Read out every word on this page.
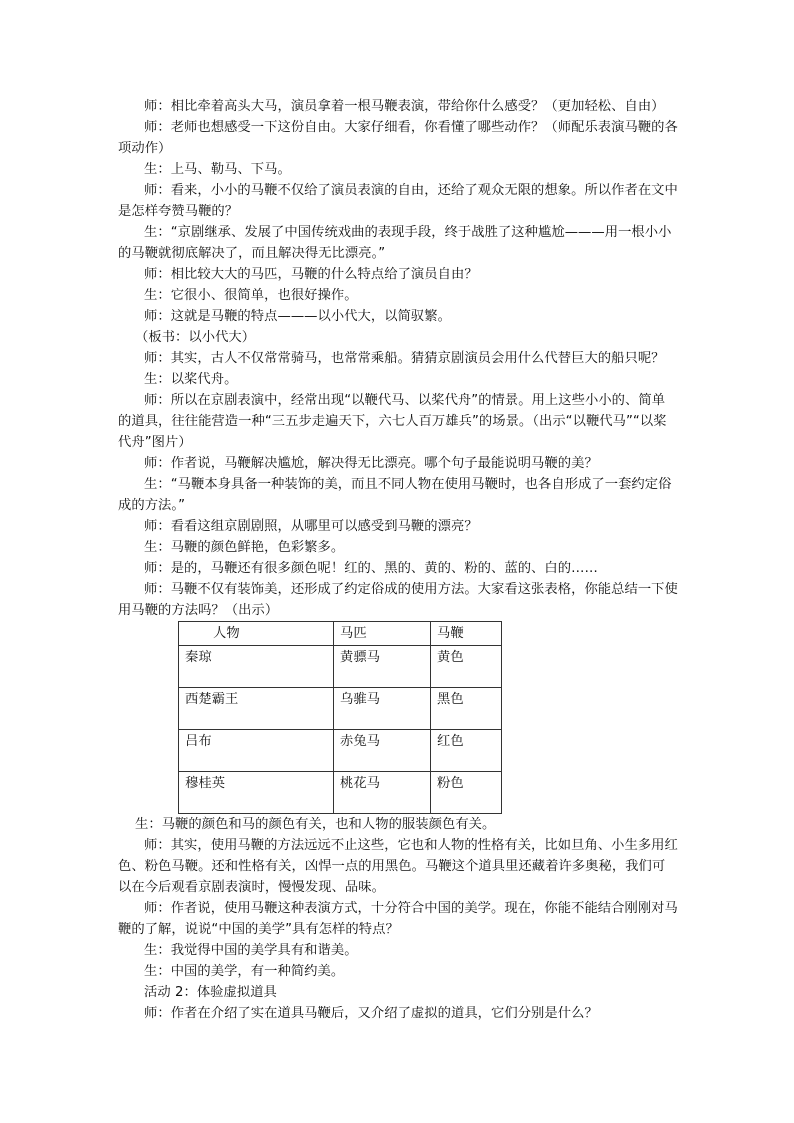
师：相比牵着高头大马，演员拿着一根马鞭表演，带给你什么感受？（更加轻松、自由）

师：老师也想感受一下这份自由。大家仔细看，你看懂了哪些动作？（师配乐表演马鞭的各项动作）

生：上马、勒马、下马。

师：看来，小小的马鞭不仅给了演员表演的自由，还给了观众无限的想象。所以作者在文中是怎样夸赞马鞭的？

生：“京剧继承、发展了中国传统戏曲的表现手段，终于战胜了这种尴尬———用一根小小的马鞭就彻底解决了，而且解决得无比漂亮。”

师：相比较大大的马匹，马鞭的什么特点给了演员自由？

生：它很小、很简单，也很好操作。

师：这就是马鞭的特点———以小代大，以简驭繁。

（板书：以小代大）

师：其实，古人不仅常常骑马，也常常乘船。猜猜京剧演员会用什么代替巨大的船只呢？

生：以桨代舟。

师：所以在京剧表演中，经常出现“以鞭代马、以桨代舟”的情景。用上这些小小的、简单的道具，往往能营造一种“三五步走遍天下，六七人百万雄兵”的场景。（出示“以鞭代马”“以桨代舟”图片）

师：作者说，马鞭解决尴尬，解决得无比漂亮。哪个句子最能说明马鞭的美？

生：“马鞭本身具备一种装饰的美，而且不同人物在使用马鞭时，也各自形成了一套约定俗成的方法。”

师：看看这组京剧剧照，从哪里可以感受到马鞭的漂亮？

生：马鞭的颜色鲜艳，色彩繁多。

师：是的，马鞭还有很多颜色呢！红的、黑的、黄的、粉的、蓝的、白的……

师：马鞭不仅有装饰美，还形成了约定俗成的使用方法。大家看这张表格，你能总结一下使用马鞭的方法吗？（出示）

人物	马匹	马鞭
秦琼	黄骠马	黄色
西楚霸王	乌骓马	黑色
吕布	赤兔马	红色
穆桂英	桃花马	粉色

生：马鞭的颜色和马的颜色有关，也和人物的服装颜色有关。

师：其实，使用马鞭的方法远远不止这些，它也和人物的性格有关，比如旦角、小生多用红色、粉色马鞭。还和性格有关，凶悍一点的用黑色。马鞭这个道具里还藏着许多奥秘，我们可以在今后观看京剧表演时，慢慢发现、品味。

师：作者说，使用马鞭这种表演方式，十分符合中国的美学。现在，你能不能结合刚刚对马鞭的了解，说说“中国的美学”具有怎样的特点？

生：我觉得中国的美学具有和谐美。

生：中国的美学，有一种简约美。

活动 2：体验虚拟道具

师：作者在介绍了实在道具马鞭后，又介绍了虚拟的道具，它们分别是什么？
